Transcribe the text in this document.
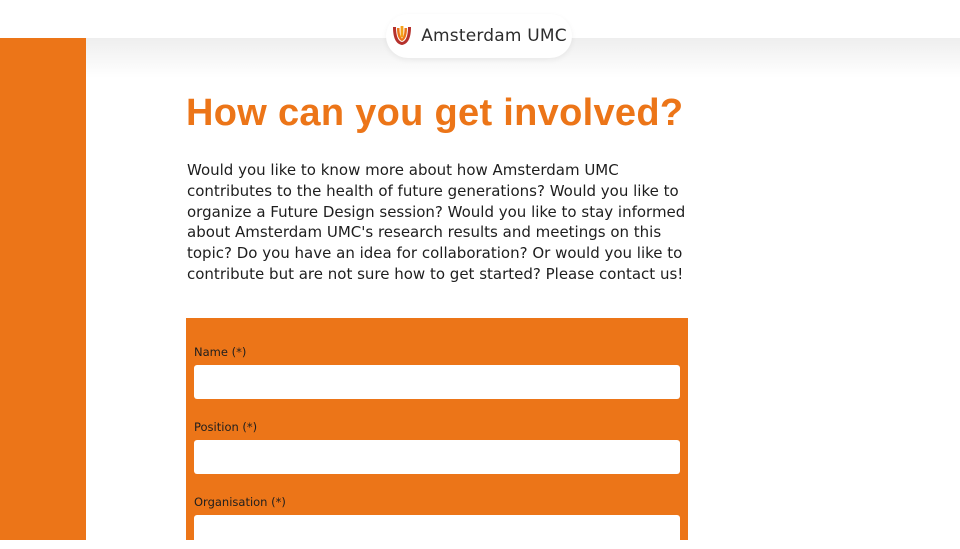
Amsterdam UMC
How can you get involved?

Would you like to know more about how Amsterdam UMC contributes to the health of future generations? Would you like to organize a Future Design session? Would you like to stay informed about Amsterdam UMC's research results and meetings on this topic? Do you have an idea for collaboration? Or would you like to contribute but are not sure how to get started? Please contact us!

Name (*)
Position (*)
Organisation (*)
